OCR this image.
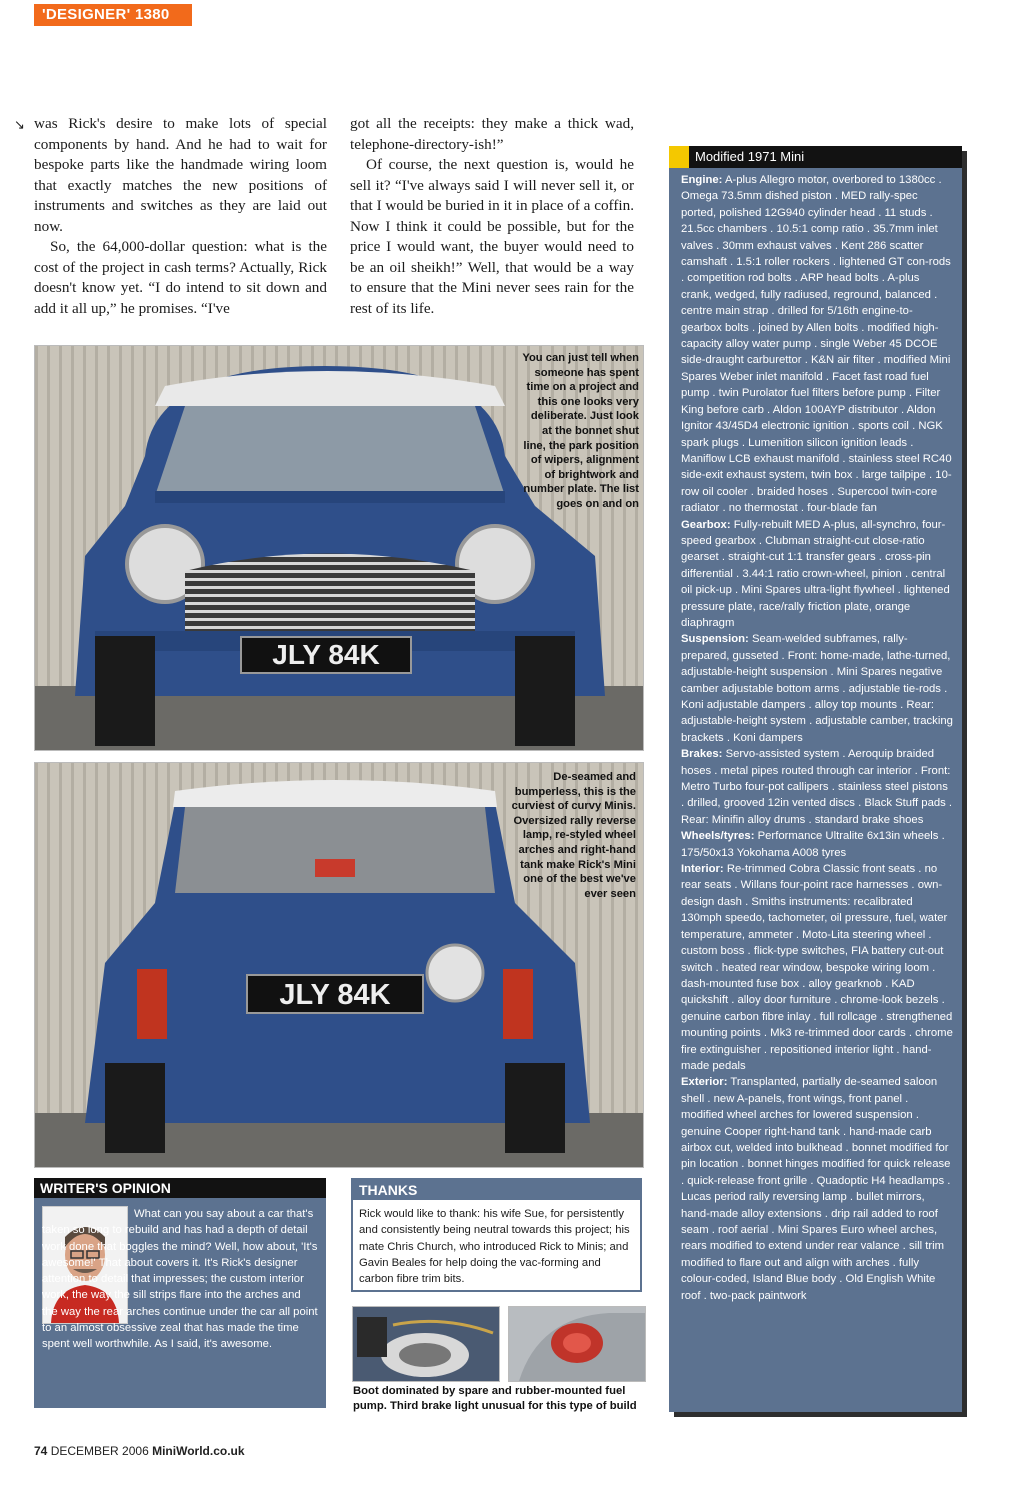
'DESIGNER' 1380
↘ was Rick's desire to make lots of special components by hand. And he had to wait for bespoke parts like the handmade wiring loom that exactly matches the new positions of instruments and switches as they are laid out now.

So, the 64,000-dollar question: what is the cost of the project in cash terms? Actually, Rick doesn't know yet. “I do intend to sit down and add it all up,” he promises. “I've

got all the receipts: they make a thick wad, telephone-directory-ish!”

Of course, the next question is, would he sell it? “I've always said I will never sell it, or that I would be buried in it in place of a coffin. Now I think it could be possible, but for the price I would want, the buyer would need to be an oil sheikh!” Well, that would be a way to ensure that the Mini never sees rain for the rest of its life.

JLY 84K
You can just tell when someone has spent time on a project and this one looks very deliberate. Just look at the bonnet shut line, the park position of wipers, alignment of brightwork and number plate. The list goes on and on
JLY 84K
De-seamed and bumperless, this is the curviest of curvy Minis. Oversized rally reverse lamp, re-styled wheel arches and right-hand tank make Rick's Mini one of the best we've ever seen
Modified 1971 Mini

Engine: A-plus Allegro motor, overbored to 1380cc . Omega 73.5mm dished piston . MED rally-spec ported, polished 12G940 cylinder head . 11 studs . 21.5cc chambers . 10.5:1 comp ratio . 35.7mm inlet valves . 30mm exhaust valves . Kent 286 scatter camshaft . 1.5:1 roller rockers . lightened GT con-rods . competition rod bolts . ARP head bolts . A-plus crank, wedged, fully radiused, reground, balanced . centre main strap . drilled for 5/16th engine-to-gearbox bolts . joined by Allen bolts . modified high-capacity alloy water pump . single Weber 45 DCOE side-draught carburettor . K&N air filter . modified Mini Spares Weber inlet manifold . Facet fast road fuel pump . twin Purolator fuel filters before pump . Filter King before carb . Aldon 100AYP distributor . Aldon Ignitor 43/45D4 electronic ignition . sports coil . NGK spark plugs . Lumenition silicon ignition leads . Maniflow LCB exhaust manifold . stainless steel RC40 side-exit exhaust system, twin box . large tailpipe . 10-row oil cooler . braided hoses . Supercool twin-core radiator . no thermostat . four-blade fan

Gearbox: Fully-rebuilt MED A-plus, all-synchro, four-speed gearbox . Clubman straight-cut close-ratio gearset . straight-cut 1:1 transfer gears . cross-pin differential . 3.44:1 ratio crown-wheel, pinion . central oil pick-up . Mini Spares ultra-light flywheel . lightened pressure plate, race/rally friction plate, orange diaphragm

Suspension: Seam-welded subframes, rally-prepared, gusseted . Front: home-made, lathe-turned, adjustable-height suspension . Mini Spares negative camber adjustable bottom arms . adjustable tie-rods . Koni adjustable dampers . alloy top mounts . Rear: adjustable-height system . adjustable camber, tracking brackets . Koni dampers

Brakes: Servo-assisted system . Aeroquip braided hoses . metal pipes routed through car interior . Front: Metro Turbo four-pot callipers . stainless steel pistons . drilled, grooved 12in vented discs . Black Stuff pads . Rear: Minifin alloy drums . standard brake shoes

Wheels/tyres: Performance Ultralite 6x13in wheels . 175/50x13 Yokohama A008 tyres

Interior: Re-trimmed Cobra Classic front seats . no rear seats . Willans four-point race harnesses . own-design dash . Smiths instruments: recalibrated 130mph speedo, tachometer, oil pressure, fuel, water temperature, ammeter . Moto-Lita steering wheel . custom boss . flick-type switches, FIA battery cut-out switch . heated rear window, bespoke wiring loom . dash-mounted fuse box . alloy gearknob . KAD quickshift . alloy door furniture . chrome-look bezels . genuine carbon fibre inlay . full rollcage . strengthened mounting points . Mk3 re-trimmed door cards . chrome fire extinguisher . repositioned interior light . hand-made pedals

Exterior: Transplanted, partially de-seamed saloon shell . new A-panels, front wings, front panel . modified wheel arches for lowered suspension . genuine Cooper right-hand tank . hand-made carb airbox cut, welded into bulkhead . bonnet modified for pin location . bonnet hinges modified for quick release . quick-release front grille . Quadoptic H4 headlamps . Lucas period rally reversing lamp . bullet mirrors, hand-made alloy extensions . drip rail added to roof seam . roof aerial . Mini Spares Euro wheel arches, rears modified to extend under rear valance . sill trim modified to flare out and align with arches . fully colour-coded, Island Blue body . Old English White roof . two-pack paintwork

WRITER'S OPINION
What can you say about a car that's taken so long to rebuild and has had a depth of detail work done that boggles the mind? Well, how about, 'It's awesome!' That about covers it. It's Rick's designer attention to detail that impresses; the custom interior work, the way the sill strips flare into the arches and the way the rear arches continue under the car all point to an almost obsessive zeal that has made the time spent well worthwhile. As I said, it's awesome.
THANKS
Rick would like to thank: his wife Sue, for persistently and consistently being neutral towards this project; his mate Chris Church, who introduced Rick to Minis; and Gavin Beales for help doing the vac-forming and carbon fibre trim bits.
Boot dominated by spare and rubber-mounted fuel pump. Third brake light unusual for this type of build
74 DECEMBER 2006 MiniWorld.co.uk
